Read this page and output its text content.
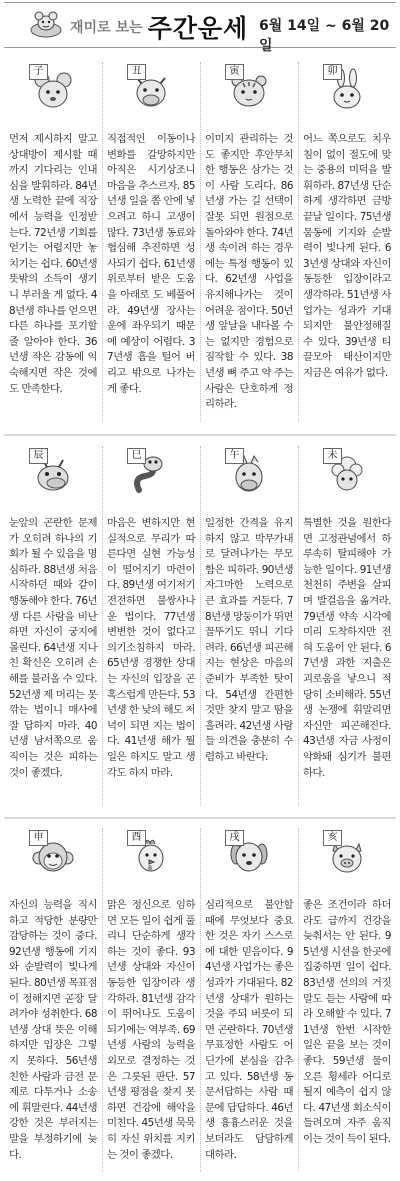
재미로 보는 주간운세 6월 14일 ~ 6월 20일
子
먼저 제시하지 말고 상대방이 제시할 때까지 기다리는 인내심을 발휘하라. 84년생 노력한 끝에 직장에서 능력을 인정받는다. 72년생 기회를 얻기는 어렵지만 놓치기는 쉽다. 60년생 뜻밖의 소득이 생기니 부러울 게 없다. 48년생 하나를 얻으면 다른 하나를 포기할 줄 알아야 한다. 36년생 작은 감동에 익숙해지면 작은 것에도 만족한다.
丑
직접적인 이동이나 변화를 갈망하지만 아직은 시기상조니 마음을 추스르자. 85년생 일을 쫌 안에 넣으려고 하니 고생이 많다. 73년생 동료와 협심해 추진하면 성사되기 쉽다. 61년생 위로부터 받은 도움을 아래로 도 베풀어라. 49년생 장사는 운에 좌우되기 때문에 예상이 어렵다. 37년생 흠을 털어 버리고 밖으로 나가는 게 좋다.
寅
이미지 관리하는 것도 좋지만 후안무치한 행동은 삼가는 것이 사람 도리다. 86년생 가는 길 선택이 잘못 되면 원점으로 돌아와야 한다. 74년생 속이려 하는 경우에는 특정 행동이 있다. 62년생 사업을 유지해나가는 것이 어려운 점이다. 50년생 앞날을 내다볼 수는 없지만 경험으로 짐작할 수 있다. 38년생 뼈 주고 약 주는 사람은 단호하게 정리하라.
卯
어느 쪽으로도 치우침이 없이 절도에 맞는 중용의 미덕을 발휘하라. 87년생 단순하게 생각하면 금방 끝날 일이다. 75년생 뭄동에 기지와 순발력이 빛나게 된다. 63년생 상대와 자신이 동등한 입장이라고 생각하라. 51년생 사업가는 성과가 기대되지만 불안정해질 수 있다. 39년생 티끌모아 태산이지만 지금은 여유가 없다.
辰
눈앞의 곤란한 문제가 오히려 하나의 기회가 될 수 있음을 명심하라. 88년생 처음 시작하던 때와 같이 행동해야 한다. 76년생 다른 사람을 비난하면 자신이 궁지에 몰린다. 64년생 지나친 확신은 오히려 손해를 불러올 수 있다. 52년생 제 머리는 못 깎는 법이니 매사에 잘 답하지 마라. 40년생 남서쪽으로 움직이는 것은 피하는 것이 좋겠다.
巳
마음은 변하지만 현실적으로 무리가 따른다면 실현 가능성이 떨어지기 마련이다. 89년생 여기저기 전전하면 불쌍사나운 법이다. 77년생 변변한 것이 없다고 의기소침하지 마라. 65년생 경쟁한 상대는 자신의 입장을 곤혹스럽게 만든다. 53년생 한 낮의 해도 저녁이 되면 지는 법이다. 41년생 해가 뭘 일은 하지도 말고 생각도 하지 마라.
午
일정한 간격을 유지하지 않고 박무가내로 달려나가는 무모함은 피하라. 90년생 자그마한 노력으로 큰 효과를 거둔다. 78년생 망둥이가 뛰면 꼴뚜기도 뛰니 기다려라. 66년생 피곤해지는 현상은 마음의 준비가 부족한 탓이다. 54년생 간편한 것만 찾지 말고 땀을 흘려라. 42년생 사람들 의견을 충분히 수렴하고 바란다.
未
특별한 것을 원한다면 고정관념에서 하루속히 탈피해야 가능한 일이다. 91년생 천천히 주변을 살피며 발걸음을 옮겨라. 79년생 약속 시각에 미리 도착하지만 전혀 도움이 안 된다. 67년생 과한 지출은 괴로움을 낳으니 적당히 소비해라. 55년생 논쟁에 휘말리면 자신만 피곤해진다. 43년생 자금 사정이 악화돼 심기가 불편하다.
申
자신의 능력을 직시하고 적당한 분량만 감당하는 것이 중다. 92년생 행동에 기지와 순발력이 빛나게 된다. 80년생 목표점이 정해지면 곧장 달려가야 성취한다. 68년생 상대 뜻은 이해하지만 입장은 그렇지 못하다. 56년생 친한 사람과 금전 문제로 다투거나 소송에 휘말린다. 44년생 강한 것은 부러지는 말을 부정하기에 늦다.
酉
맑은 정신으로 임하면 모든 일이 쉽게 풀리니 단순하게 생각하는 것이 좋다. 93년생 상대와 자신이 동등한 입장이라 생각하라. 81년생 감각이 뛰어나도 도움이 되기에는 역부족. 69년생 사람의 능력을 외모로 결정하는 것은 그릇된 판단. 57년생 평점을 찾지 못하면 건강에 해악을 미친다. 45년생 묵묵히 자신 위치를 지키는 것이 좋겠다.
戌
심리적으로 불안할 때에 무엇보다 중요한 것은 자기 스스로에 대한 믿음이다. 94년생 사업가는 좋은 성과가 기대된다. 82년생 상대가 원하는 것을 주되 버릇이 되면 곤란하다. 70년생 무표정한 사람도 어딘가에 본심을 감추고 있다. 58년생 동문서답하는 사람 때문에 답답하다. 46년생 흉흉스러운 것을 보더라도 담담하게 대하라.
亥
좋은 조건이라 하더라도 급까지 건강을 늦춰서는 안 된다. 95년생 시선을 한곳에 집중하면 일이 쉽다. 83년생 선의의 거짓말도 듣는 사람에 따라 오해할 수 있다. 71년생 한번 시작한 일은 끝을 보는 것이 좋다. 59년생 물이 오른 횡세라 어디로 될지 예측이 쉽지 않다. 47년생 회소식이 들려오며 자주 움직이는 것이 득이 된다.
